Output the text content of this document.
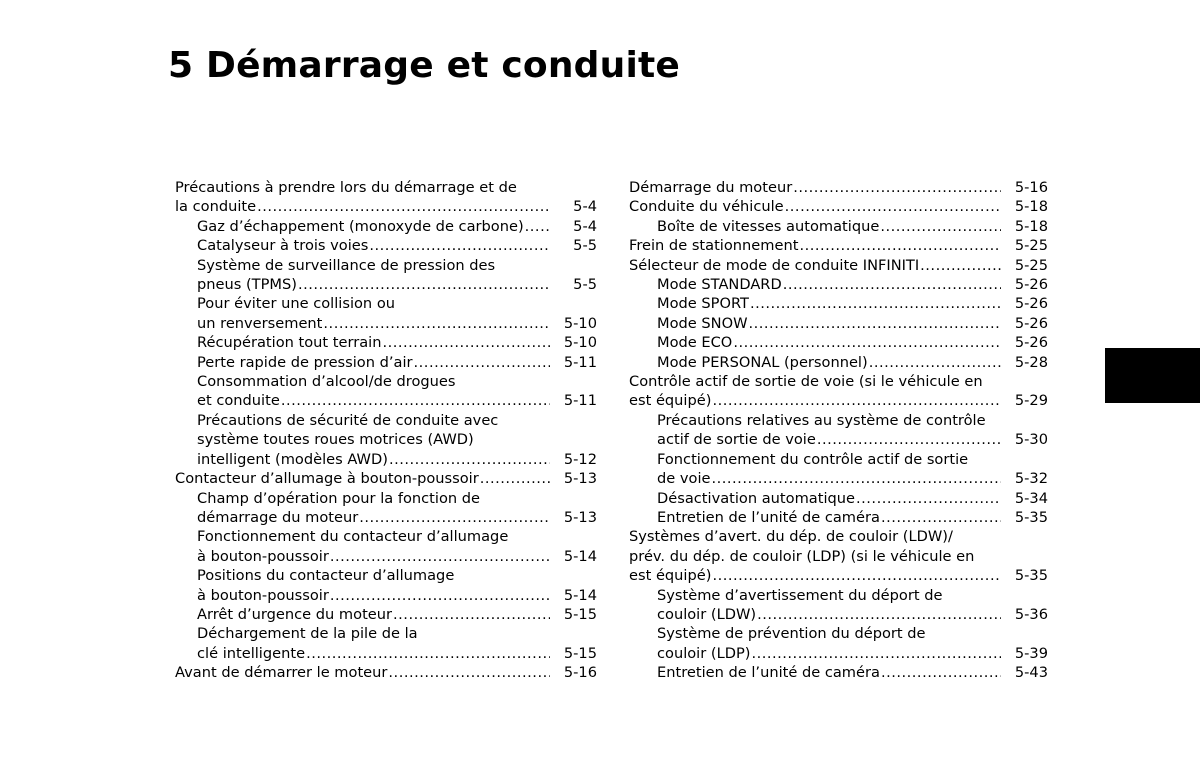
5 Démarrage et conduite
Précautions à prendre lors du démarrage et de
la conduite .....	5-4
Gaz d’échappement (monoxyde de carbone) .....	5-4
Catalyseur à trois voies .....	5-5
Système de surveillance de pression des
pneus (TPMS) .....	5-5
Pour éviter une collision ou
un renversement .....	5-10
Récupération tout terrain .....	5-10
Perte rapide de pression d’air .....	5-11
Consommation d’alcool/de drogues
et conduite .....	5-11
Précautions de sécurité de conduite avec
système toutes roues motrices (AWD)
intelligent (modèles AWD) .....	5-12
Contacteur d’allumage à bouton-poussoir .....	5-13
Champ d’opération pour la fonction de
démarrage du moteur .....	5-13
Fonctionnement du contacteur d’allumage
à bouton-poussoir .....	5-14
Positions du contacteur d’allumage
à bouton-poussoir .....	5-14
Arrêt d’urgence du moteur .....	5-15
Déchargement de la pile de la
clé intelligente .....	5-15
Avant de démarrer le moteur .....	5-16
Démarrage du moteur .....	5-16
Conduite du véhicule .....	5-18
Boîte de vitesses automatique .....	5-18
Frein de stationnement .....	5-25
Sélecteur de mode de conduite INFINITI .....	5-25
Mode STANDARD .....	5-26
Mode SPORT .....	5-26
Mode SNOW .....	5-26
Mode ECO .....	5-26
Mode PERSONAL (personnel) .....	5-28
Contrôle actif de sortie de voie (si le véhicule en
est équipé) .....	5-29
Précautions relatives au système de contrôle
actif de sortie de voie .....	5-30
Fonctionnement du contrôle actif de sortie
de voie .....	5-32
Désactivation automatique .....	5-34
Entretien de l’unité de caméra .....	5-35
Systèmes d’avert. du dép. de couloir (LDW)/
prév. du dép. de couloir (LDP) (si le véhicule en
est équipé) .....	5-35
Système d’avertissement du déport de
couloir (LDW) .....	5-36
Système de prévention du déport de
couloir (LDP) .....	5-39
Entretien de l’unité de caméra .....	5-43
